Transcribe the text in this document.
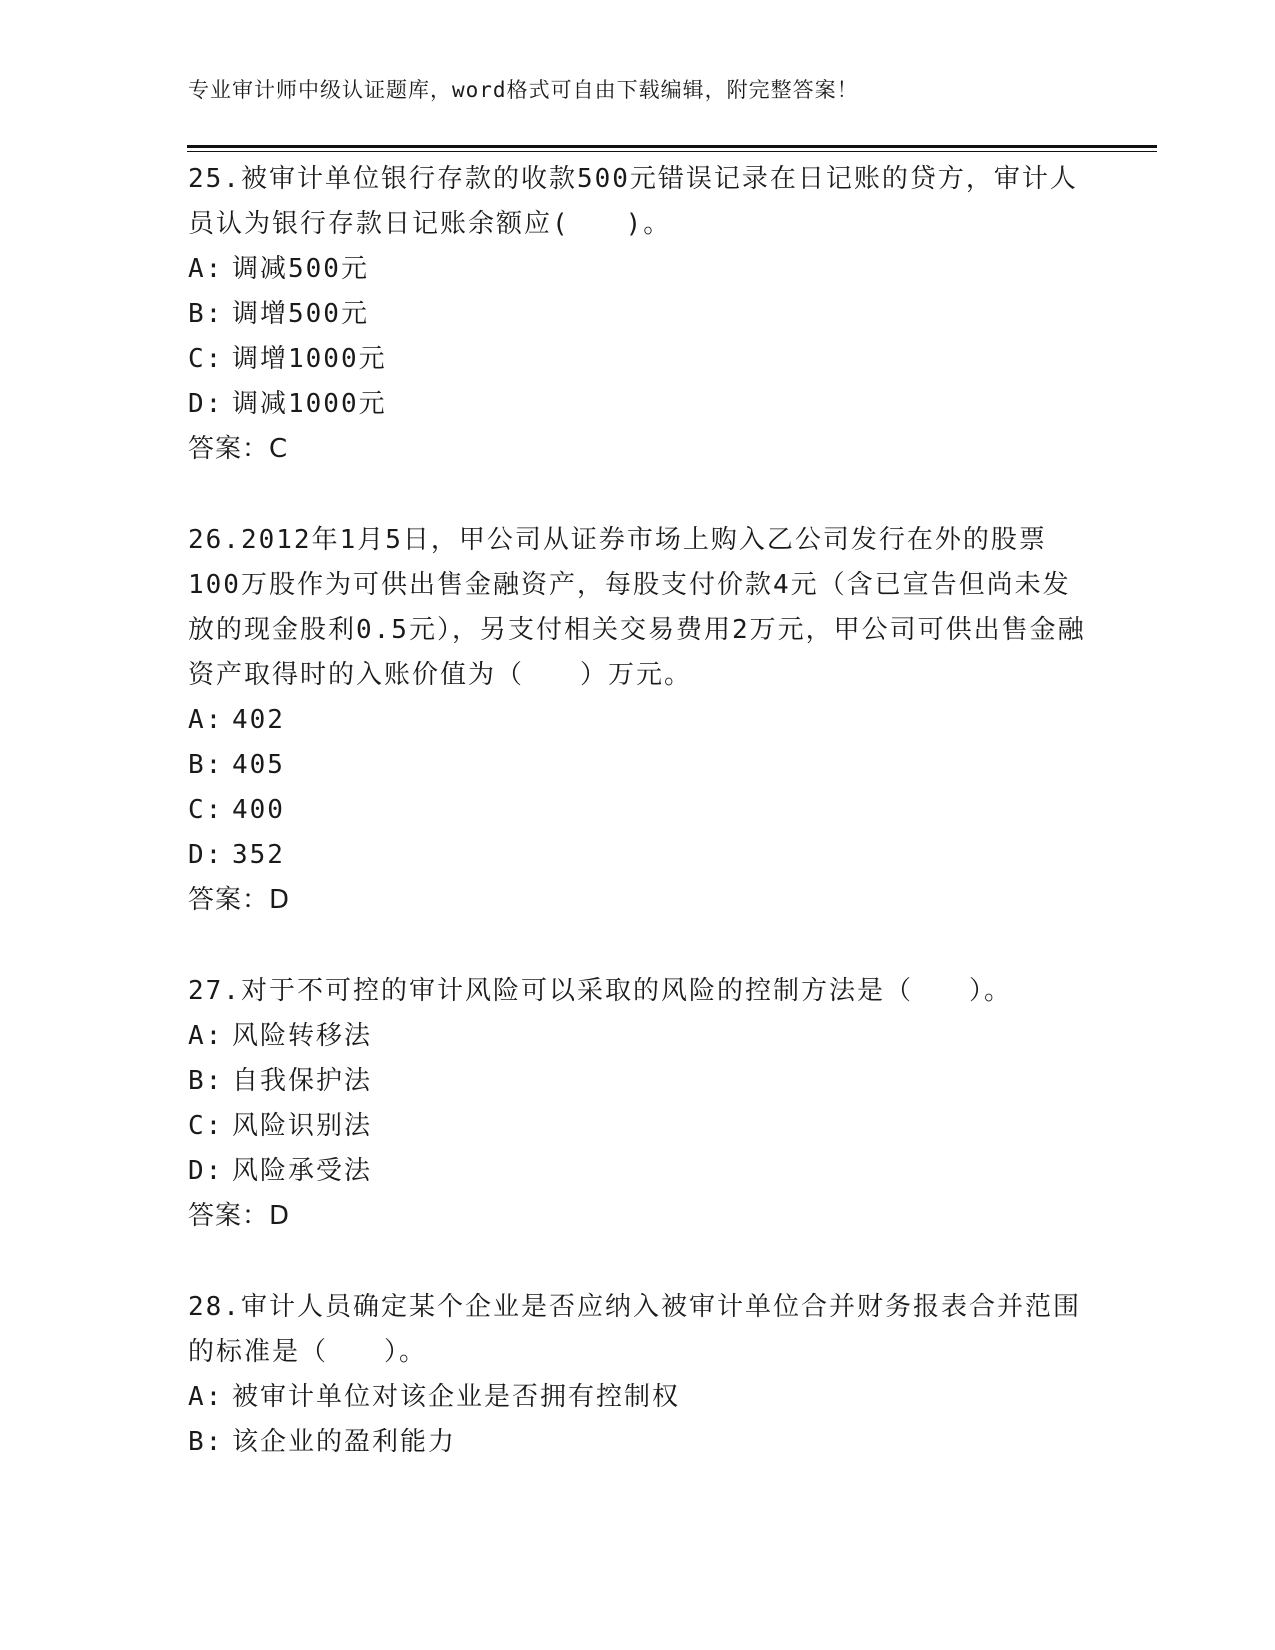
专业审计师中级认证题库，word格式可自由下载编辑，附完整答案！

25.被审计单位银行存款的收款500元错误记录在日记账的贷方，审计人员认为银行存款日记账余额应(　　)。

A: 调减500元

B: 调增500元

C: 调增1000元

D: 调减1000元

答案：C

26.2012年1月5日，甲公司从证券市场上购入乙公司发行在外的股票100万股作为可供出售金融资产，每股支付价款4元（含已宣告但尚未发放的现金股利0.5元），另支付相关交易费用2万元，甲公司可供出售金融资产取得时的入账价值为（　　）万元。

A: 402

B: 405

C: 400

D: 352

答案：D

27.对于不可控的审计风险可以采取的风险的控制方法是（　　）。

A: 风险转移法

B: 自我保护法

C: 风险识别法

D: 风险承受法

答案：D

28.审计人员确定某个企业是否应纳入被审计单位合并财务报表合并范围的标准是（　　）。

A: 被审计单位对该企业是否拥有控制权

B: 该企业的盈利能力
